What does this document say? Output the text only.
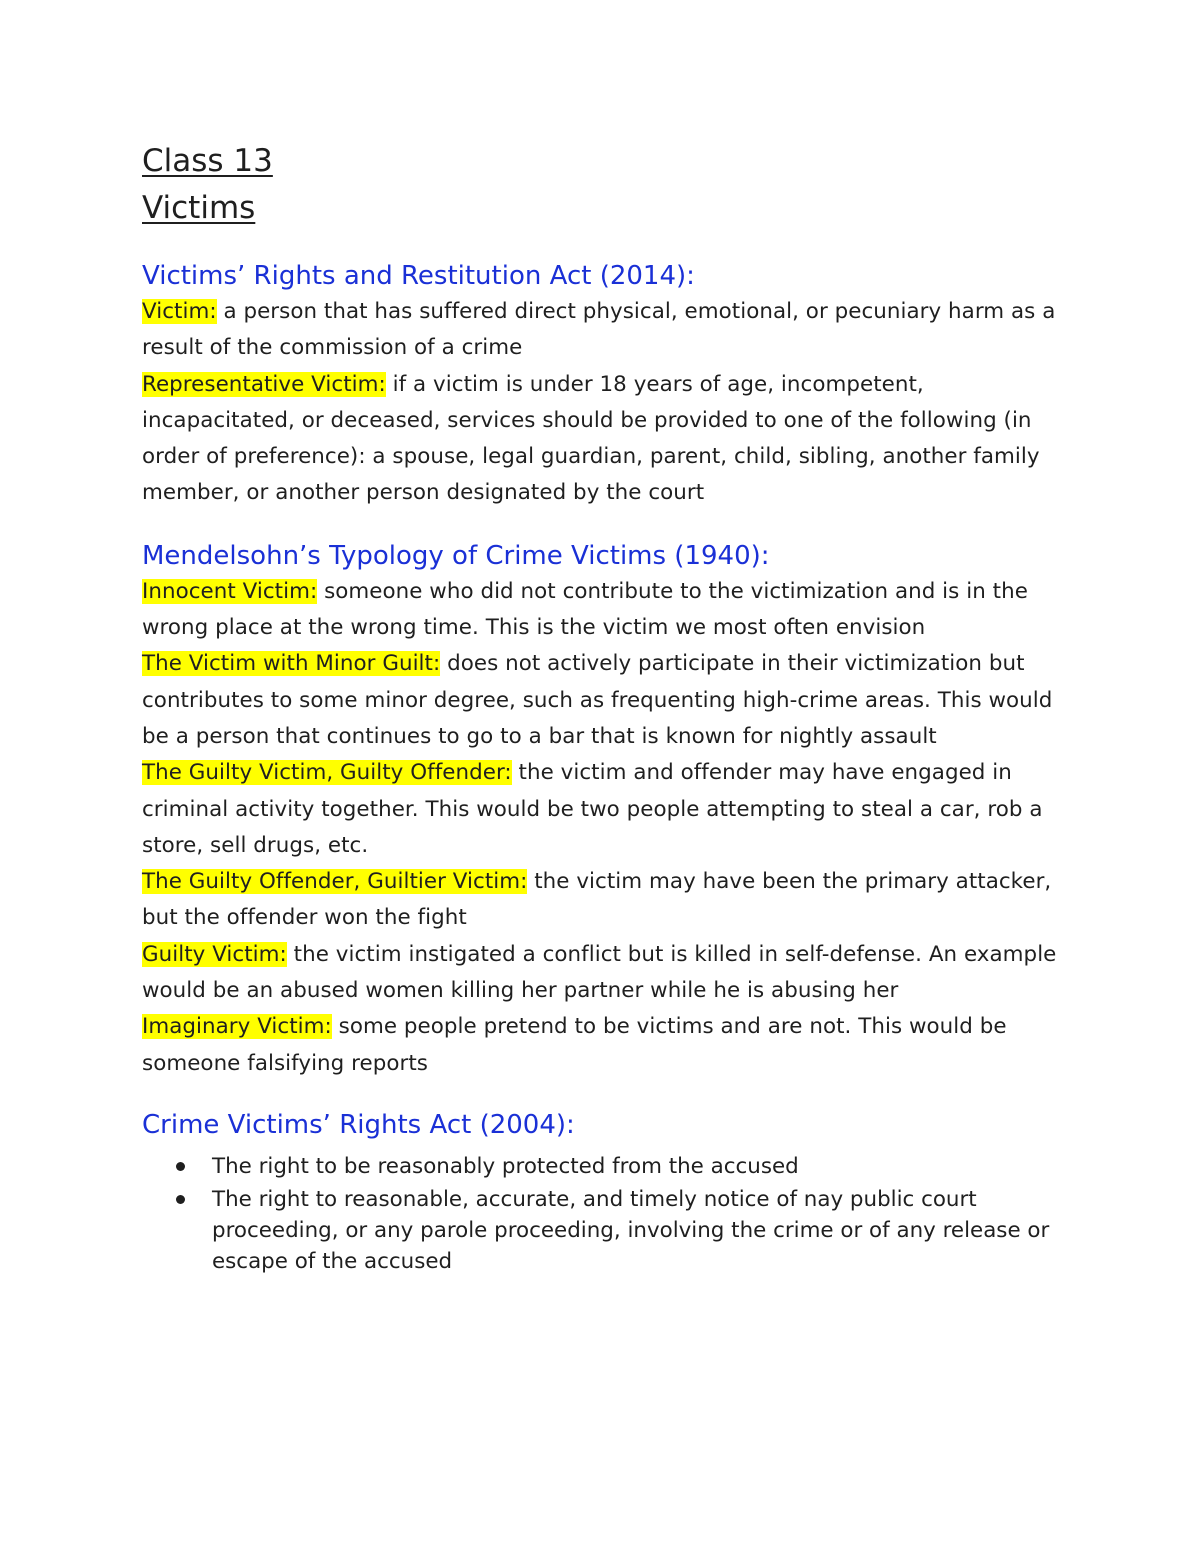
Class 13

Victims

Victims’ Rights and Restitution Act (2014):

Victim: a person that has suffered direct physical, emotional, or pecuniary harm as a result of the commission of a crime

Representative Victim: if a victim is under 18 years of age, incompetent, incapacitated, or deceased, services should be provided to one of the following (in order of preference): a spouse, legal guardian, parent, child, sibling, another family member, or another person designated by the court

Mendelsohn’s Typology of Crime Victims (1940):

Innocent Victim: someone who did not contribute to the victimization and is in the wrong place at the wrong time. This is the victim we most often envision

The Victim with Minor Guilt: does not actively participate in their victimization but contributes to some minor degree, such as frequenting high-crime areas. This would be a person that continues to go to a bar that is known for nightly assault

The Guilty Victim, Guilty Offender: the victim and offender may have engaged in criminal activity together. This would be two people attempting to steal a car, rob a store, sell drugs, etc.

The Guilty Offender, Guiltier Victim: the victim may have been the primary attacker, but the offender won the fight

Guilty Victim: the victim instigated a conflict but is killed in self-defense. An example would be an abused women killing her partner while he is abusing her

Imaginary Victim: some people pretend to be victims and are not. This would be someone falsifying reports

Crime Victims’ Rights Act (2004):
The right to be reasonably protected from the accused
The right to reasonable, accurate, and timely notice of nay public court proceeding, or any parole proceeding, involving the crime or of any release or escape of the accused
